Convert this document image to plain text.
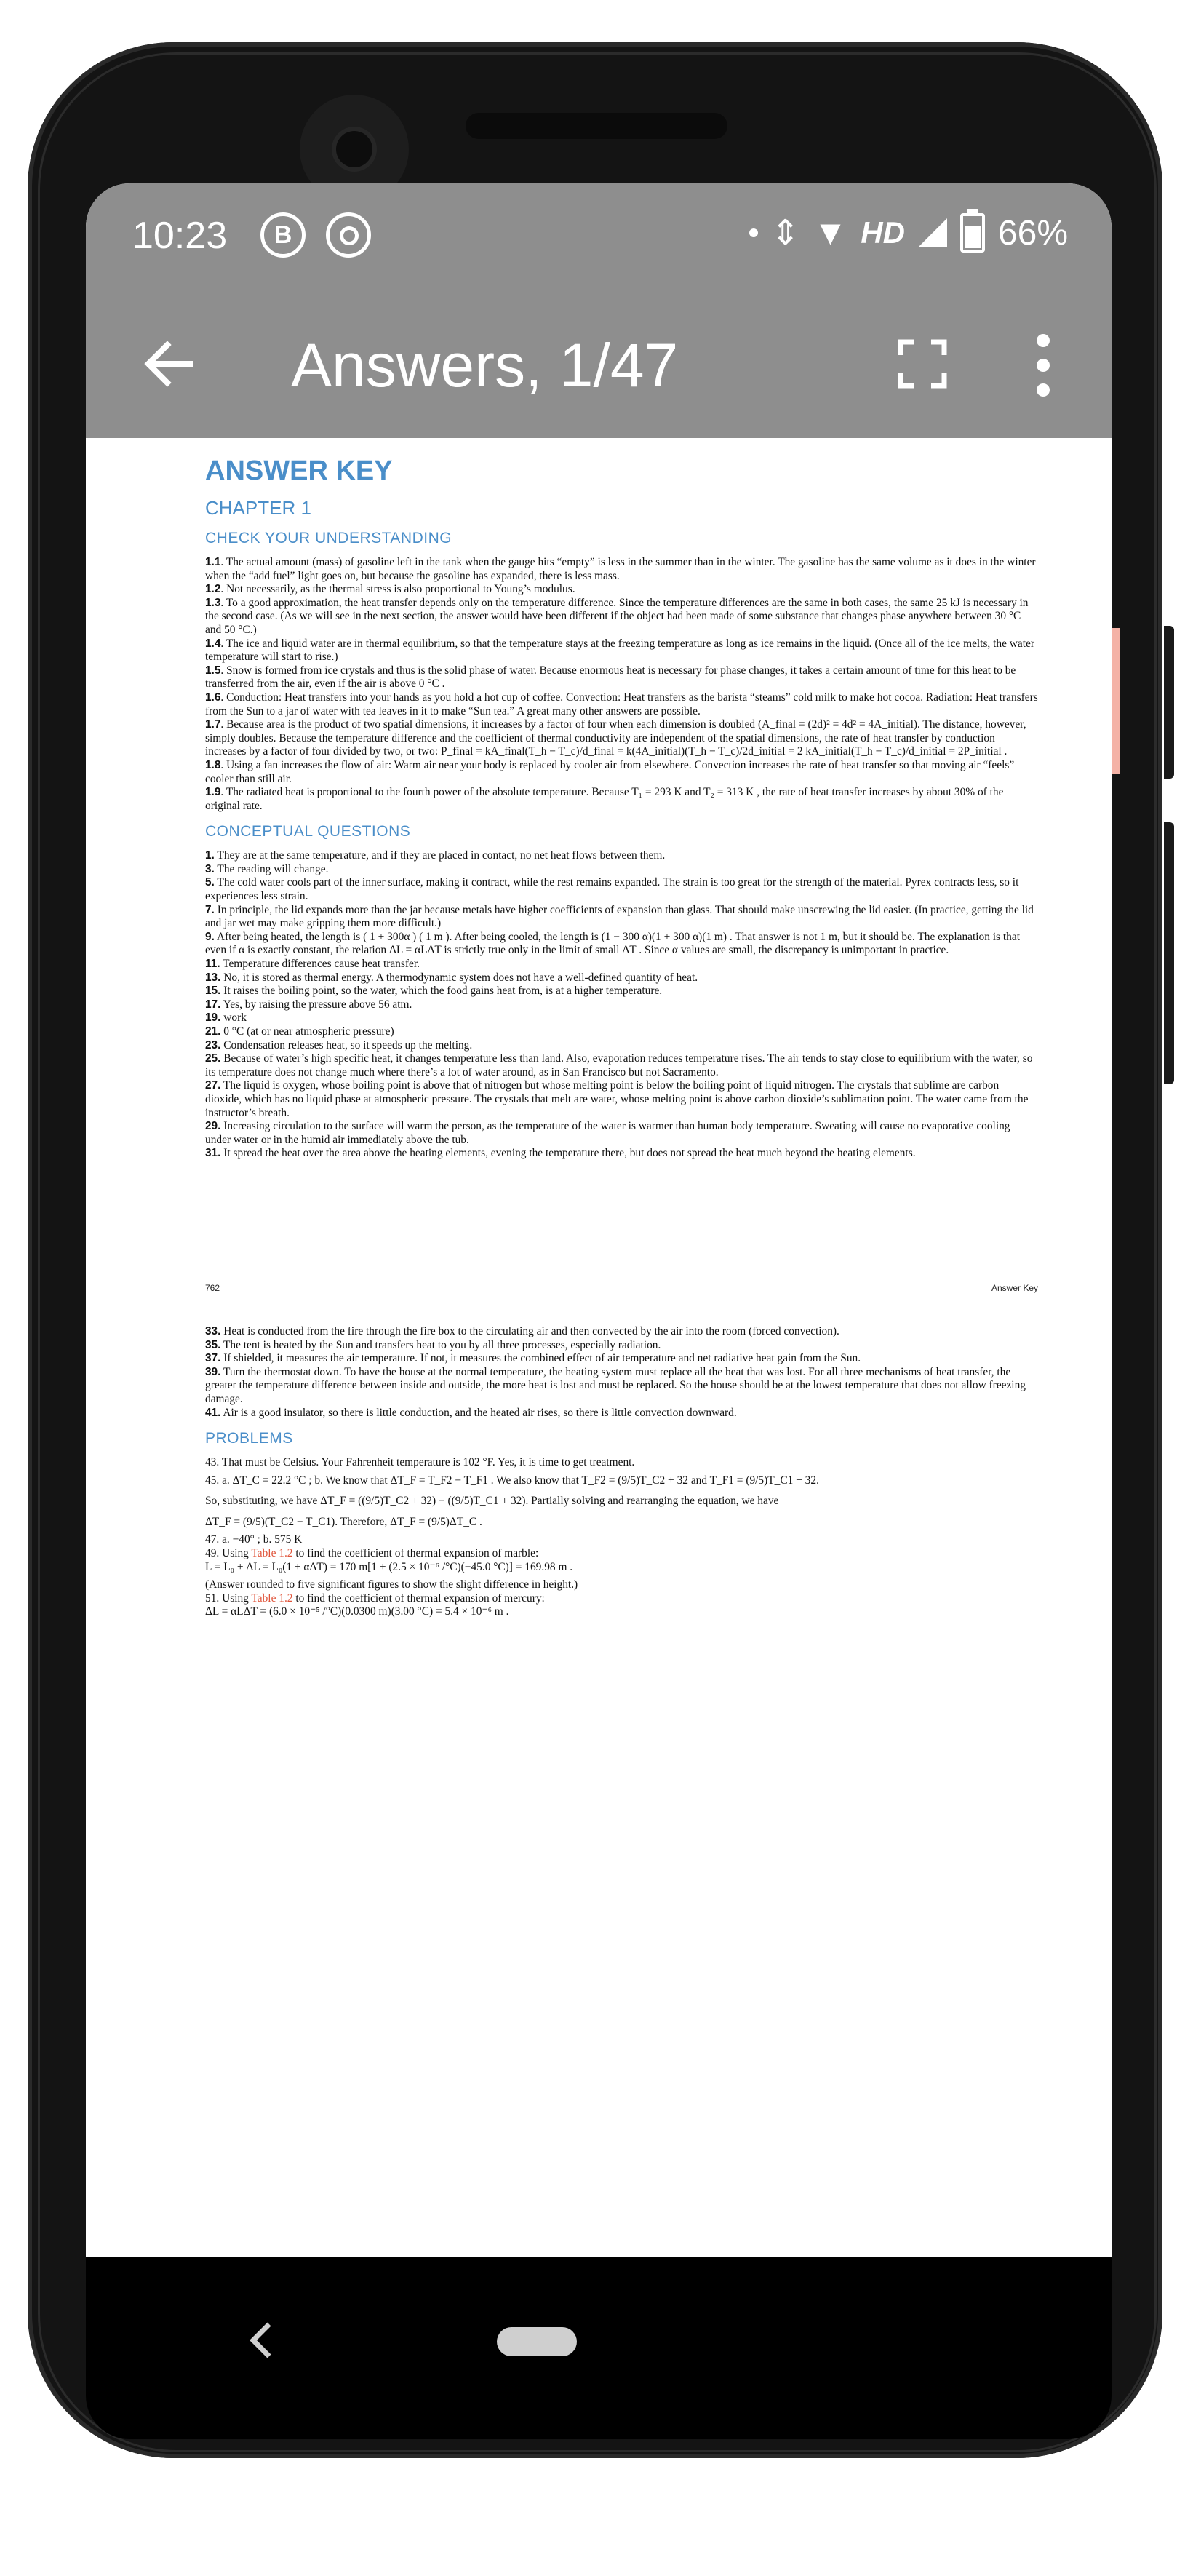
10:23	B	⇕ ▼ HD	66%
Answers, 1/47
ANSWER KEY
CHAPTER 1
CHECK YOUR UNDERSTANDING

1.1. The actual amount (mass) of gasoline left in the tank when the gauge hits “empty” is less in the summer than in the winter. The gasoline has the same volume as it does in the winter when the “add fuel” light goes on, but because the gasoline has expanded, there is less mass.

1.2. Not necessarily, as the thermal stress is also proportional to Young’s modulus.

1.3. To a good approximation, the heat transfer depends only on the temperature difference. Since the temperature differences are the same in both cases, the same 25 kJ is necessary in the second case. (As we will see in the next section, the answer would have been different if the object had been made of some substance that changes phase anywhere between 30 °C and 50 °C.)

1.4. The ice and liquid water are in thermal equilibrium, so that the temperature stays at the freezing temperature as long as ice remains in the liquid. (Once all of the ice melts, the water temperature will start to rise.)

1.5. Snow is formed from ice crystals and thus is the solid phase of water. Because enormous heat is necessary for phase changes, it takes a certain amount of time for this heat to be transferred from the air, even if the air is above 0 °C .

1.6. Conduction: Heat transfers into your hands as you hold a hot cup of coffee. Convection: Heat transfers as the barista “steams” cold milk to make hot cocoa. Radiation: Heat transfers from the Sun to a jar of water with tea leaves in it to make “Sun tea.” A great many other answers are possible.

1.7. Because area is the product of two spatial dimensions, it increases by a factor of four when each dimension is doubled (A_final = (2d)² = 4d² = 4A_initial). The distance, however, simply doubles. Because the temperature difference and the coefficient of thermal conductivity are independent of the spatial dimensions, the rate of heat transfer by conduction increases by a factor of four divided by two, or two: P_final = kA_final(T_h − T_c)/d_final = k(4A_initial)(T_h − T_c)/2d_initial = 2 kA_initial(T_h − T_c)/d_initial = 2P_initial .

1.8. Using a fan increases the flow of air: Warm air near your body is replaced by cooler air from elsewhere. Convection increases the rate of heat transfer so that moving air “feels” cooler than still air.

1.9. The radiated heat is proportional to the fourth power of the absolute temperature. Because T₁ = 293 K and T₂ = 313 K , the rate of heat transfer increases by about 30% of the original rate.

CONCEPTUAL QUESTIONS

1. They are at the same temperature, and if they are placed in contact, no net heat flows between them.

3. The reading will change.

5. The cold water cools part of the inner surface, making it contract, while the rest remains expanded. The strain is too great for the strength of the material. Pyrex contracts less, so it experiences less strain.

7. In principle, the lid expands more than the jar because metals have higher coefficients of expansion than glass. That should make unscrewing the lid easier. (In practice, getting the lid and jar wet may make gripping them more difficult.)

9. After being heated, the length is ( 1 + 300α ) ( 1 m ). After being cooled, the length is (1 − 300 α)(1 + 300 α)(1 m) . That answer is not 1 m, but it should be. The explanation is that even if α is exactly constant, the relation ΔL = αLΔT is strictly true only in the limit of small ΔT . Since α values are small, the discrepancy is unimportant in practice.

11. Temperature differences cause heat transfer.

13. No, it is stored as thermal energy. A thermodynamic system does not have a well-defined quantity of heat.

15. It raises the boiling point, so the water, which the food gains heat from, is at a higher temperature.

17. Yes, by raising the pressure above 56 atm.

19. work

21. 0 °C (at or near atmospheric pressure)

23. Condensation releases heat, so it speeds up the melting.

25. Because of water’s high specific heat, it changes temperature less than land. Also, evaporation reduces temperature rises. The air tends to stay close to equilibrium with the water, so its temperature does not change much where there’s a lot of water around, as in San Francisco but not Sacramento.

27. The liquid is oxygen, whose boiling point is above that of nitrogen but whose melting point is below the boiling point of liquid nitrogen. The crystals that sublime are carbon dioxide, which has no liquid phase at atmospheric pressure. The crystals that melt are water, whose melting point is above carbon dioxide’s sublimation point. The water came from the instructor’s breath.

29. Increasing circulation to the surface will warm the person, as the temperature of the water is warmer than human body temperature. Sweating will cause no evaporative cooling under water or in the humid air immediately above the tub.

31. It spread the heat over the area above the heating elements, evening the temperature there, but does not spread the heat much beyond the heating elements.

762	Answer Key

33. Heat is conducted from the fire through the fire box to the circulating air and then convected by the air into the room (forced convection).

35. The tent is heated by the Sun and transfers heat to you by all three processes, especially radiation.

37. If shielded, it measures the air temperature. If not, it measures the combined effect of air temperature and net radiative heat gain from the Sun.

39. Turn the thermostat down. To have the house at the normal temperature, the heating system must replace all the heat that was lost. For all three mechanisms of heat transfer, the greater the temperature difference between inside and outside, the more heat is lost and must be replaced. So the house should be at the lowest temperature that does not allow freezing damage.

41. Air is a good insulator, so there is little conduction, and the heated air rises, so there is little convection downward.

PROBLEMS

43. That must be Celsius. Your Fahrenheit temperature is 102 °F. Yes, it is time to get treatment.

45. a. ΔT_C = 22.2 °C ; b. We know that ΔT_F = T_F2 − T_F1 . We also know that T_F2 = (9/5)T_C2 + 32 and T_F1 = (9/5)T_C1 + 32.

So, substituting, we have ΔT_F = ((9/5)T_C2 + 32) − ((9/5)T_C1 + 32). Partially solving and rearranging the equation, we have

ΔT_F = (9/5)(T_C2 − T_C1). Therefore, ΔT_F = (9/5)ΔT_C .

47. a. −40° ; b. 575 K

49. Using Table 1.2 to find the coefficient of thermal expansion of marble:

L = L₀ + ΔL = L₀(1 + αΔT) = 170 m[1 + (2.5 × 10⁻⁶ /°C)(−45.0 °C)] = 169.98 m .

(Answer rounded to five significant figures to show the slight difference in height.)

51. Using Table 1.2 to find the coefficient of thermal expansion of mercury:

ΔL = αLΔT = (6.0 × 10⁻⁵ /°C)(0.0300 m)(3.00 °C) = 5.4 × 10⁻⁶ m .
